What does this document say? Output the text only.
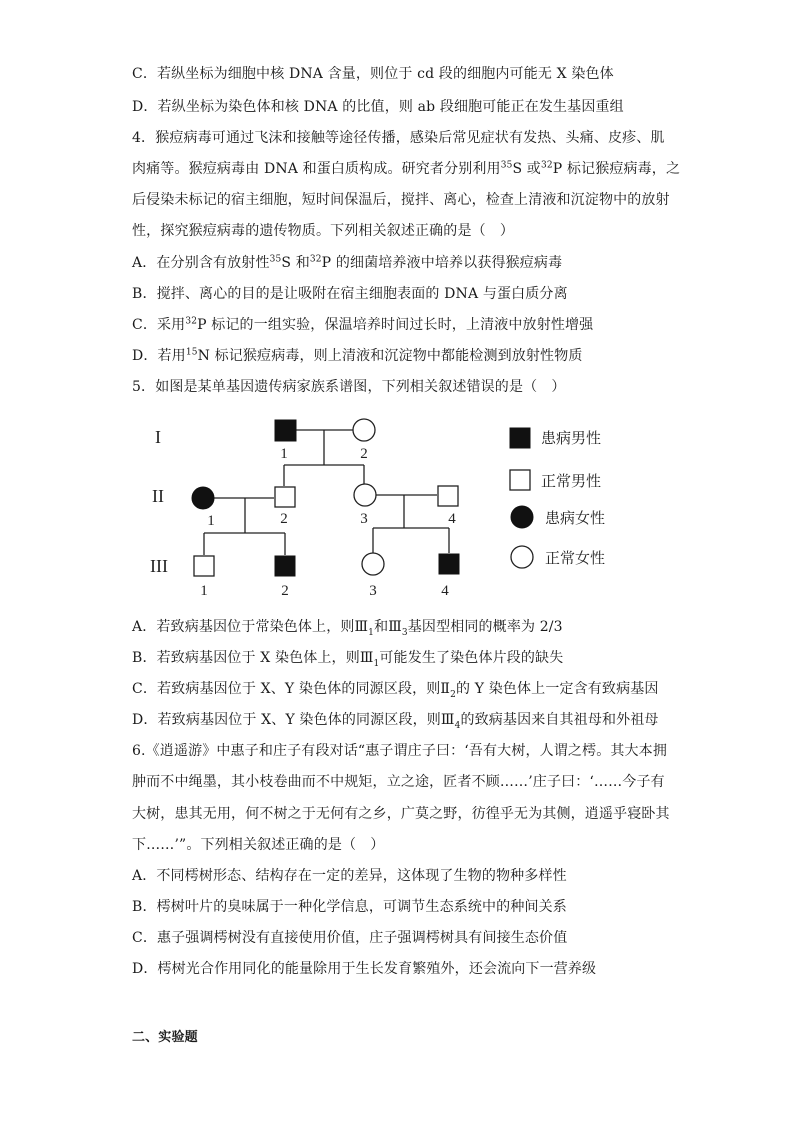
C．若纵坐标为细胞中核 DNA 含量，则位于 cd 段的细胞内可能无 X 染色体
D．若纵坐标为染色体和核 DNA 的比值，则 ab 段细胞可能正在发生基因重组
4．猴痘病毒可通过飞沫和接触等途径传播，感染后常见症状有发热、头痛、皮疹、肌
肉痛等。猴痘病毒由 DNA 和蛋白质构成。研究者分别利用$^{35}$S 或$^{32}$P 标记猴痘病毒，之
后侵染未标记的宿主细胞，短时间保温后，搅拌、离心，检查上清液和沉淀物中的放射
性，探究猴痘病毒的遗传物质。下列相关叙述正确的是（　）
A．在分别含有放射性$^{35}$S 和$^{32}$P 的细菌培养液中培养以获得猴痘病毒
B．搅拌、离心的目的是让吸附在宿主细胞表面的 DNA 与蛋白质分离
C．采用$^{32}$P 标记的一组实验，保温培养时间过长时，上清液中放射性增强
D．若用$^{15}$N 标记猴痘病毒，则上清液和沉淀物中都能检测到放射性物质
5．如图是某单基因遗传病家族系谱图，下列相关叙述错误的是（　）
I
II
III
1	2
1	2	3	4
1	2	3	4
患病男性
正常男性
患病女性
正常女性
A．若致病基因位于常染色体上，则$Ⅲ_1$和$Ⅲ_3$基因型相同的概率为 2/3
B．若致病基因位于 X 染色体上，则$Ⅲ_1$可能发生了染色体片段的缺失
C．若致病基因位于 X、Y 染色体的同源区段，则$Ⅱ_2$的 Y 染色体上一定含有致病基因
D．若致病基因位于 X、Y 染色体的同源区段，则$Ⅲ_4$的致病基因来自其祖母和外祖母
6.《逍遥游》中惠子和庄子有段对话“惠子谓庄子曰：‘吾有大树，人谓之樗。其大本拥
肿而不中绳墨，其小枝卷曲而不中规矩，立之途，匠者不顾……’庄子曰：‘……今子有
大树，患其无用，何不树之于无何有之乡，广莫之野，彷徨乎无为其侧，逍遥乎寝卧其
下……’”。下列相关叙述正确的是（　）
A．不同樗树形态、结构存在一定的差异，这体现了生物的物种多样性
B．樗树叶片的臭味属于一种化学信息，可调节生态系统中的种间关系
C．惠子强调樗树没有直接使用价值，庄子强调樗树具有间接生态价值
D．樗树光合作用同化的能量除用于生长发育繁殖外，还会流向下一营养级
二、实验题
